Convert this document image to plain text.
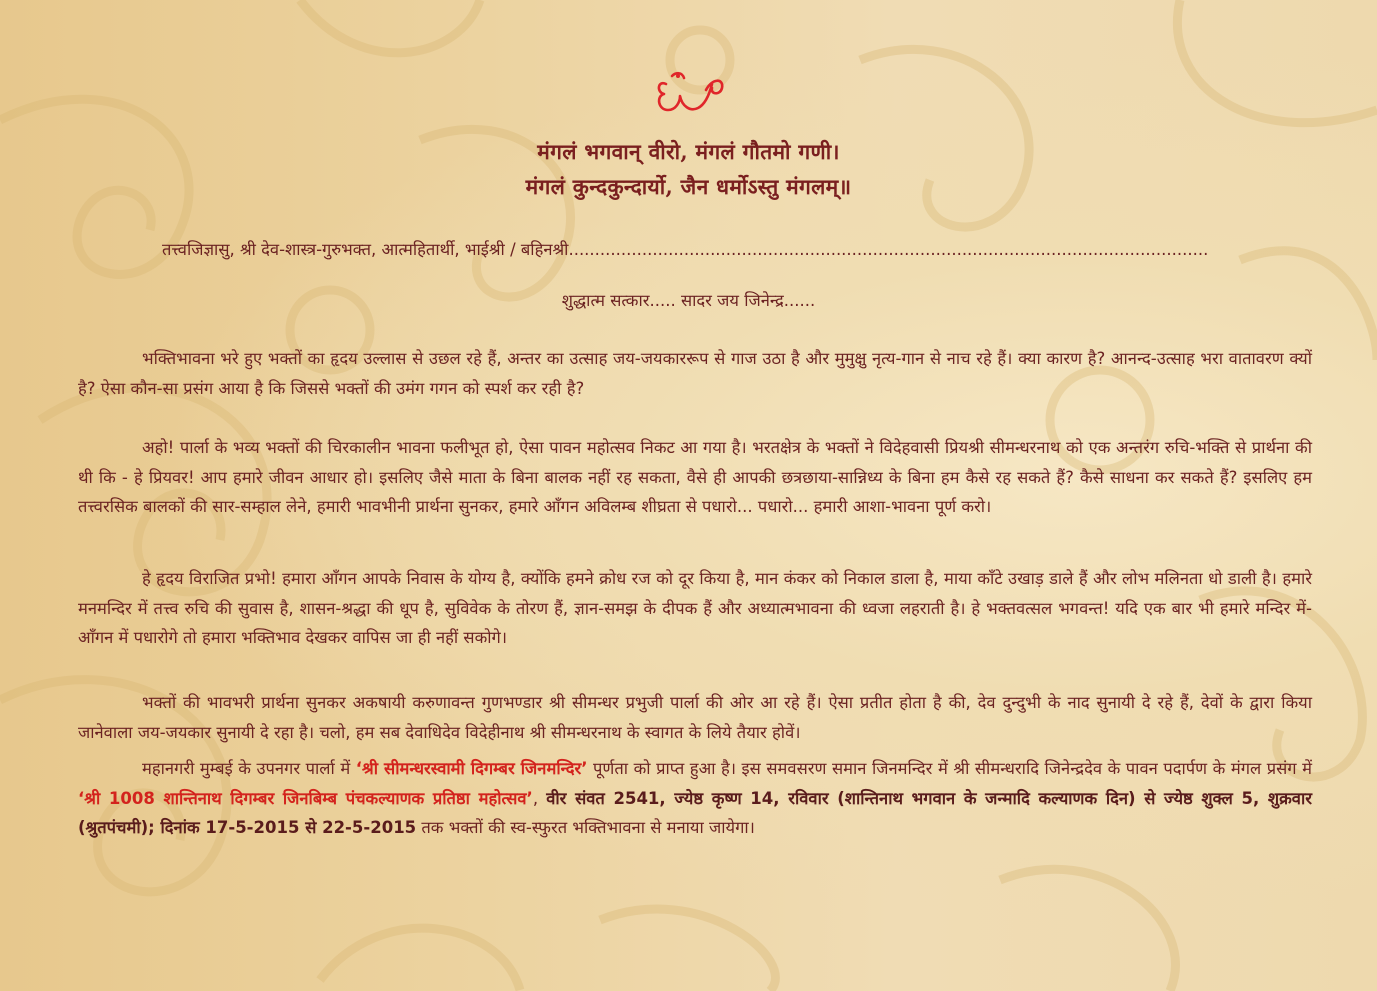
मंगलं भगवान् वीरो, मंगलं गौतमो गणी।
मंगलं कुन्दकुन्दार्यो, जैन धर्मोऽस्तु मंगलम्॥
तत्त्वजिज्ञासु, श्री देव-शास्त्र-गुरुभक्त, आत्महितार्थी, भाईश्री / बहिनश्री..........................................................................................................................
शुद्धात्म सत्कार..... सादर जय जिनेन्द्र......

भक्तिभावना भरे हुए भक्तों का हृदय उल्लास से उछल रहे हैं, अन्तर का उत्साह जय-जयकाररूप से गाज उठा है और मुमुक्षु नृत्य-गान से नाच रहे हैं। क्या कारण है? आनन्द-उत्साह भरा वातावरण क्यों है? ऐसा कौन-सा प्रसंग आया है कि जिससे भक्तों की उमंग गगन को स्पर्श कर रही है?

अहो! पार्ला के भव्य भक्तों की चिरकालीन भावना फलीभूत हो, ऐसा पावन महोत्सव निकट आ गया है। भरतक्षेत्र के भक्तों ने विदेहवासी प्रियश्री सीमन्धरनाथ को एक अन्तरंग रुचि-भक्ति से प्रार्थना की थी कि - हे प्रियवर! आप हमारे जीवन आधार हो। इसलिए जैसे माता के बिना बालक नहीं रह सकता, वैसे ही आपकी छत्रछाया-सान्निध्य के बिना हम कैसे रह सकते हैं? कैसे साधना कर सकते हैं? इसलिए हम तत्त्वरसिक बालकों की सार-सम्हाल लेने, हमारी भावभीनी प्रार्थना सुनकर, हमारे आँगन अविलम्ब शीघ्रता से पधारो... पधारो... हमारी आशा-भावना पूर्ण करो।

हे हृदय विराजित प्रभो! हमारा आँगन आपके निवास के योग्य है, क्योंकि हमने क्रोध रज को दूर किया है, मान कंकर को निकाल डाला है, माया काँटे उखाड़ डाले हैं और लोभ मलिनता धो डाली है। हमारे मनमन्दिर में तत्त्व रुचि की सुवास है, शासन-श्रद्धा की धूप है, सुविवेक के तोरण हैं, ज्ञान-समझ के दीपक हैं और अध्यात्मभावना की ध्वजा लहराती है। हे भक्तवत्सल भगवन्त! यदि एक बार भी हमारे मन्दिर में-आँगन में पधारोगे तो हमारा भक्तिभाव देखकर वापिस जा ही नहीं सकोगे।

भक्तों की भावभरी प्रार्थना सुनकर अकषायी करुणावन्त गुणभण्डार श्री सीमन्धर प्रभुजी पार्ला की ओर आ रहे हैं। ऐसा प्रतीत होता है की, देव दुन्दुभी के नाद सुनायी दे रहे हैं, देवों के द्वारा किया जानेवाला जय-जयकार सुनायी दे रहा है। चलो, हम सब देवाधिदेव विदेहीनाथ श्री सीमन्धरनाथ के स्वागत के लिये तैयार होवें।

महानगरी मुम्बई के उपनगर पार्ला में ‘श्री सीमन्धरस्वामी दिगम्बर जिनमन्दिर’ पूर्णता को प्राप्त हुआ है। इस समवसरण समान जिनमन्दिर में श्री सीमन्धरादि जिनेन्द्रदेव के पावन पदार्पण के मंगल प्रसंग में ‘श्री 1008 शान्तिनाथ दिगम्बर जिनबिम्ब पंचकल्याणक प्रतिष्ठा महोत्सव’, वीर संवत 2541, ज्येष्ठ कृष्ण 14, रविवार (शान्तिनाथ भगवान के जन्मादि कल्याणक दिन) से ज्येष्ठ शुक्ल 5, शुक्रवार (श्रुतपंचमी); दिनांक 17-5-2015 से 22-5-2015 तक भक्तों की स्व-स्फुरत भक्तिभावना से मनाया जायेगा।
